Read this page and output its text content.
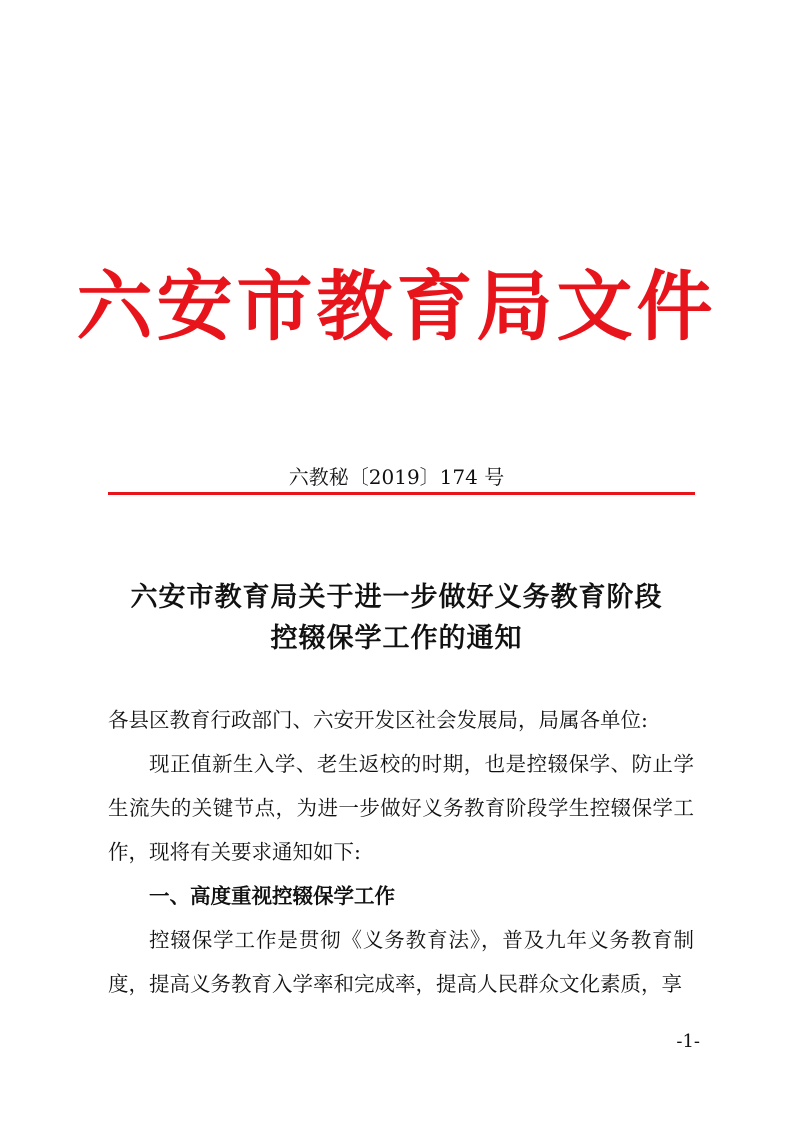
六安市教育局文件
六教秘〔2019〕174 号
六安市教育局关于进一步做好义务教育阶段
控辍保学工作的通知

各县区教育行政部门、六安开发区社会发展局，局属各单位:

现正值新生入学、老生返校的时期，也是控辍保学、防止学生流失的关键节点，为进一步做好义务教育阶段学生控辍保学工作，现将有关要求通知如下:

一、高度重视控辍保学工作

控辍保学工作是贯彻《义务教育法》，普及九年义务教育制度，提高义务教育入学率和完成率，提高人民群众文化素质，享

-1-
